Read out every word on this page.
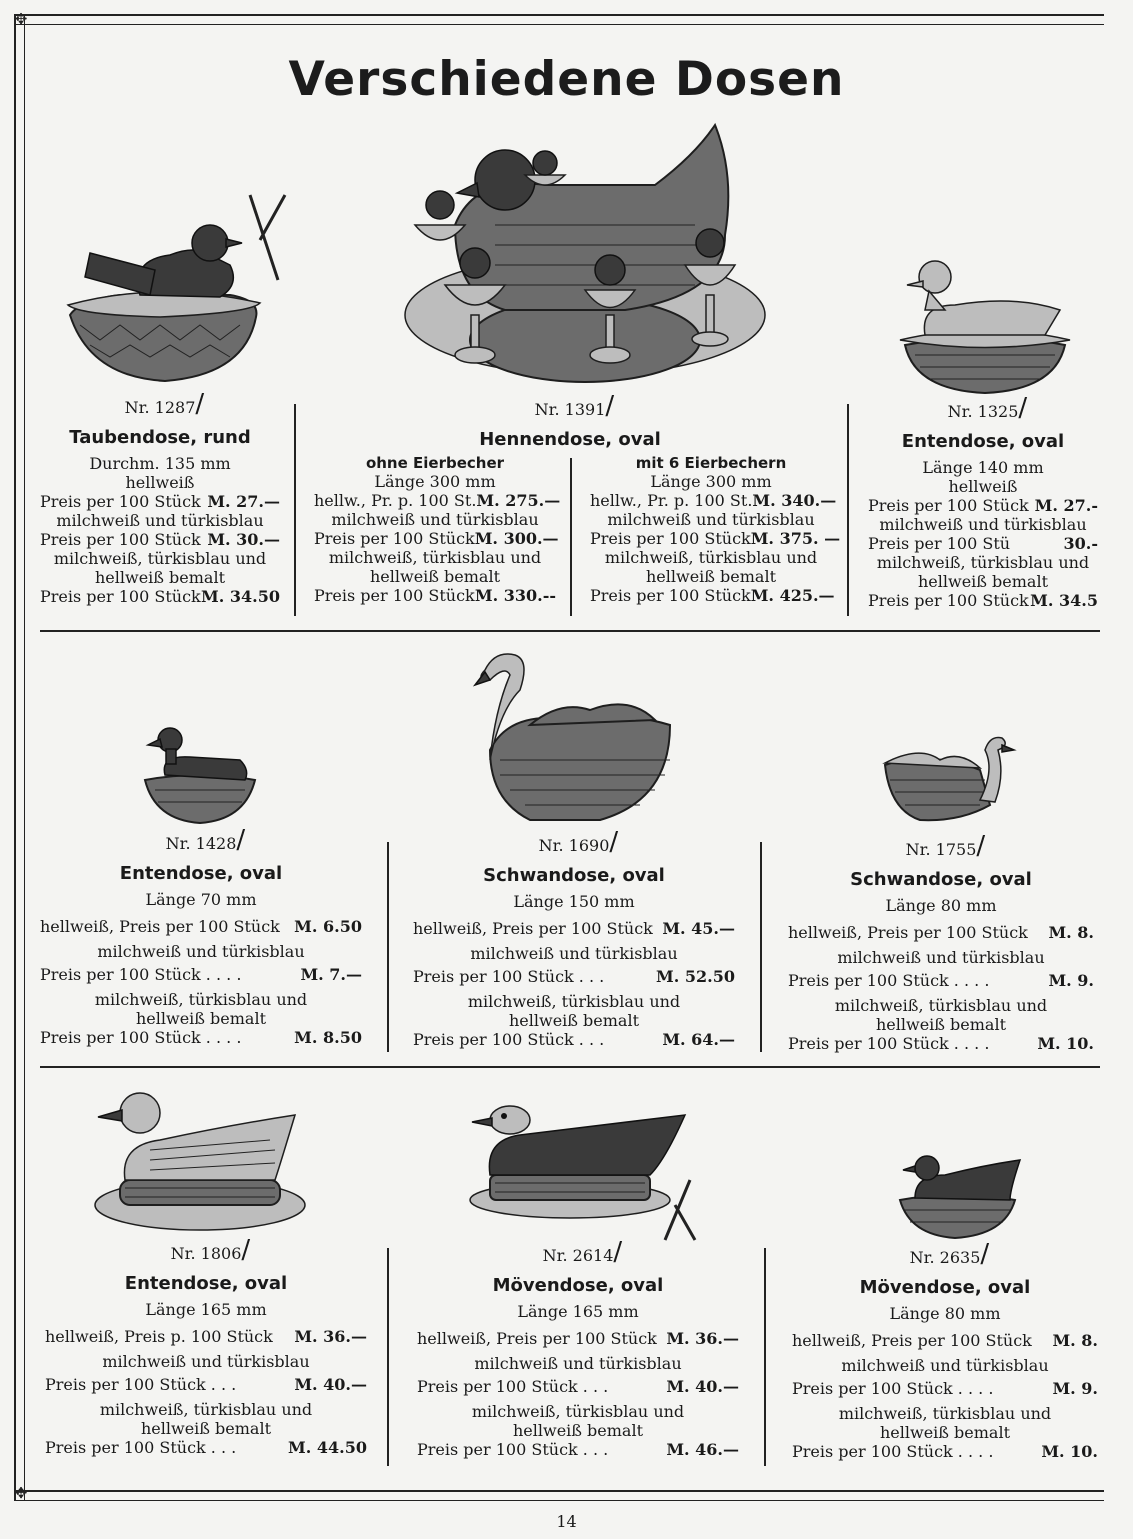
✥
✥
Verschiedene Dosen
Nr. 1287 /
Taubendose, rund
Durchm. 135 mm
hellweiß
Preis per 100 Stück M. 27.—
milchweiß und türkisblau
Preis per 100 Stück M. 30.—
milchweiß, türkisblau und
hellweiß bemalt
Preis per 100 Stück M. 34.50
Nr. 1391 /
Hennendose, oval
ohne Eierbecher
Länge 300 mm
hellw., Pr. p. 100 St. M. 275.—
milchweiß und türkisblau
Preis per 100 Stück M. 300.—
milchweiß, türkisblau und
hellweiß bemalt
Preis per 100 Stück M. 330.--
mit 6 Eierbechern
Länge 300 mm
hellw., Pr. p. 100 St. M. 340.—
milchweiß und türkisblau
Preis per 100 Stück M. 375. —
milchweiß, türkisblau und
hellweiß bemalt
Preis per 100 Stück M. 425.—
Nr. 1325 /
Entendose, oval
Länge 140 mm
hellweiß
Preis per 100 Stück M. 27.-
milchweiß und türkisblau
Preis per 100 Stü	30.-
milchweiß, türkisblau und
hellweiß bemalt
Preis per 100 Stück M. 34.5
Nr. 1428 /
Entendose, oval
Länge 70 mm
hellweiß, Preis per 100 Stück M. 6.50
milchweiß und türkisblau
Preis per 100 Stück . . . .	M. 7.—
milchweiß, türkisblau und
hellweiß bemalt
Preis per 100 Stück . . . .	M. 8.50
Nr. 1690 /
Schwandose, oval
Länge 150 mm
hellweiß, Preis per 100 Stück M. 45.—
milchweiß und türkisblau
Preis per 100 Stück . . .	M. 52.50
milchweiß, türkisblau und
hellweiß bemalt
Preis per 100 Stück . . .	M. 64.—
Nr. 1755 /
Schwandose, oval
Länge 80 mm
hellweiß, Preis per 100 Stück M. 8.
milchweiß und türkisblau
Preis per 100 Stück . . . .	M. 9.
milchweiß, türkisblau und
hellweiß bemalt
Preis per 100 Stück . . . .	M. 10.
Nr. 1806 /
Entendose, oval
Länge 165 mm
hellweiß, Preis p. 100 Stück M. 36.—
milchweiß und türkisblau
Preis per 100 Stück . . .	M. 40.—
milchweiß, türkisblau und
hellweiß bemalt
Preis per 100 Stück . . .	M. 44.50
Nr. 2614 /
Mövendose, oval
Länge 165 mm
hellweiß, Preis per 100 Stück M. 36.—
milchweiß und türkisblau
Preis per 100 Stück . . .	M. 40.—
milchweiß, türkisblau und
hellweiß bemalt
Preis per 100 Stück . . .	M. 46.—
Nr. 2635 /
Mövendose, oval
Länge 80 mm
hellweiß, Preis per 100 Stück M. 8.
milchweiß und türkisblau
Preis per 100 Stück . . . .	M. 9.
milchweiß, türkisblau und
hellweiß bemalt
Preis per 100 Stück . . . .	M. 10.
14
